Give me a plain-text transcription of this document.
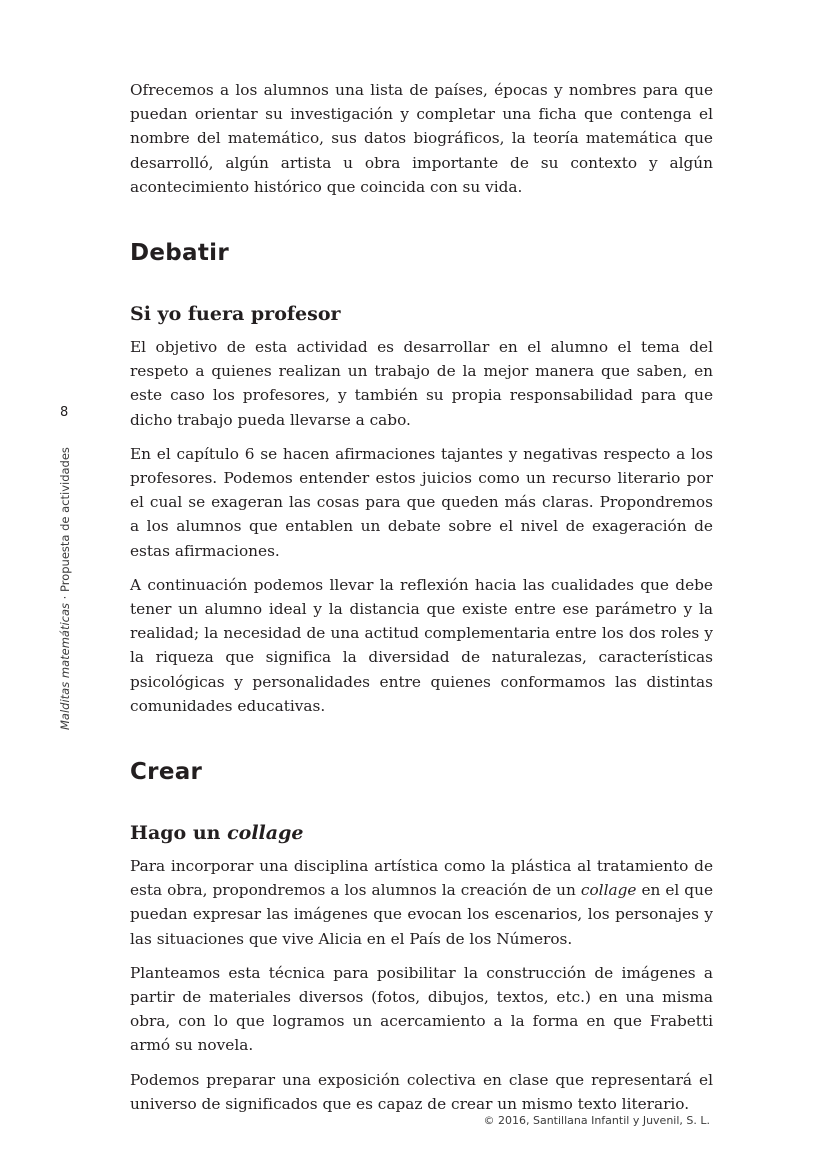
Ofrecemos a los alumnos una lista de países, épocas y nombres para que puedan orientar su investigación y completar una ficha que contenga el nombre del matemático, sus datos biográficos, la teoría matemática que desarrolló, algún artista u obra importante de su contexto y algún acontecimiento histórico que coincida con su vida.

Debatir
Si yo fuera profesor

El objetivo de esta actividad es desarrollar en el alumno el tema del respeto a quienes realizan un trabajo de la mejor manera que saben, en este caso los profesores, y también su propia responsabilidad para que dicho trabajo pueda llevarse a cabo.

En el capítulo 6 se hacen afirmaciones tajantes y negativas respecto a los profesores. Podemos entender estos juicios como un recurso literario por el cual se exageran las cosas para que queden más claras. Propondremos a los alumnos que entablen un debate sobre el nivel de exageración de estas afirmaciones.

A continuación podemos llevar la reflexión hacia las cualidades que debe tener un alumno ideal y la distancia que existe entre ese parámetro y la realidad; la necesidad de una actitud complementaria entre los dos roles y la riqueza que significa la diversidad de naturalezas, características psicológicas y personalidades entre quienes conformamos las distintas comunidades educativas.

Crear
Hago un collage

Para incorporar una disciplina artística como la plástica al tratamiento de esta obra, propondremos a los alumnos la creación de un collage en el que puedan expresar las imágenes que evocan los escenarios, los personajes y las situaciones que vive Alicia en el País de los Números.

Planteamos esta técnica para posibilitar la construcción de imágenes a partir de materiales diversos (fotos, dibujos, textos, etc.) en una misma obra, con lo que logramos un acercamiento a la forma en que Frabetti armó su novela.

Podemos preparar una exposición colectiva en clase que representará el universo de significados que es capaz de crear un mismo texto literario.

8
Malditas matemáticas · Propuesta de actividades
© 2016, Santillana Infantil y Juvenil, S. L.
